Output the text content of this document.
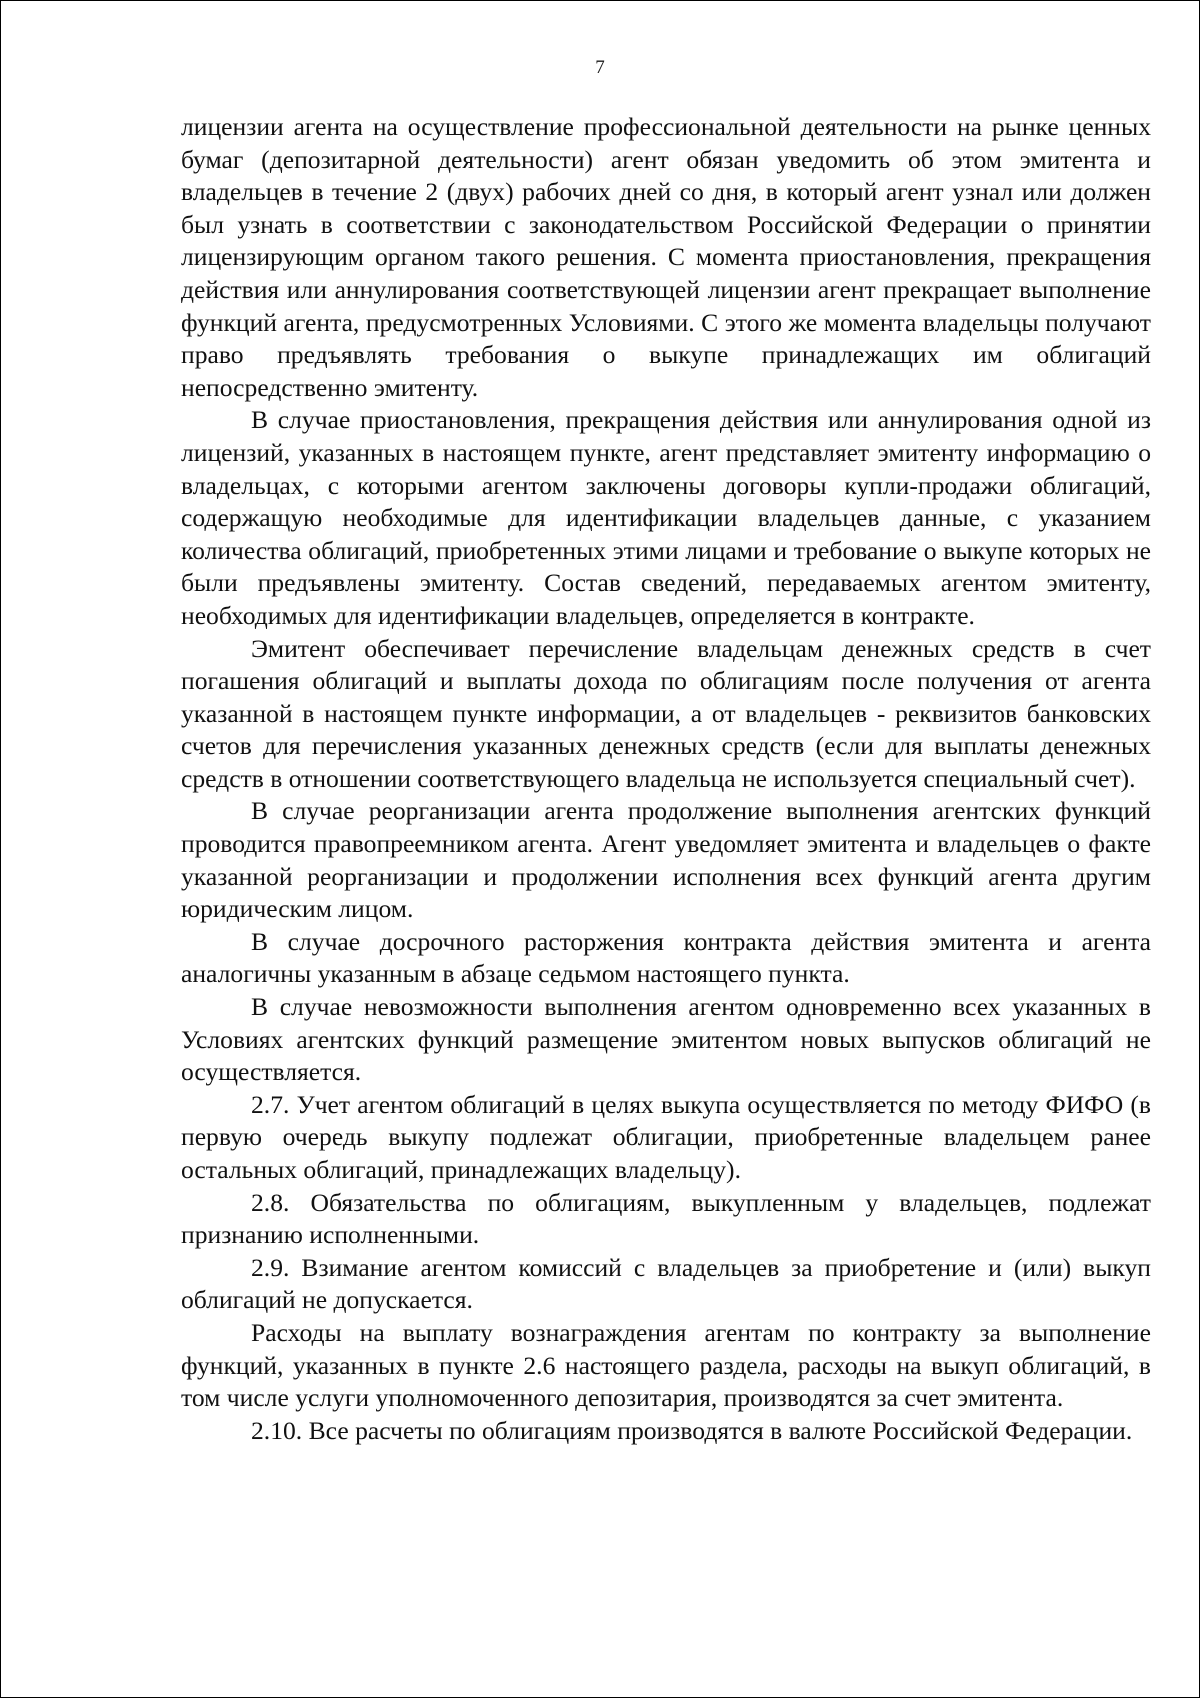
7

лицензии агента на осуществление профессиональной деятельности на рынке ценных бумаг (депозитарной деятельности) агент обязан уведомить об этом эмитента и владельцев в течение 2 (двух) рабочих дней со дня, в который агент узнал или должен был узнать в соответствии с законодательством Российской Федерации о принятии лицензирующим органом такого решения. С момента приостановления, прекращения действия или аннулирования соответствующей лицензии агент прекращает выполнение функций агента, предусмотренных Условиями. С этого же момента владельцы получают право предъявлять требования о выкупе принадлежащих им облигаций непосредственно эмитенту.

В случае приостановления, прекращения действия или аннулирования одной из лицензий, указанных в настоящем пункте, агент представляет эмитенту информацию о владельцах, с которыми агентом заключены договоры купли-продажи облигаций, содержащую необходимые для идентификации владельцев данные, с указанием количества облигаций, приобретенных этими лицами и требование о выкупе которых не были предъявлены эмитенту. Состав сведений, передаваемых агентом эмитенту, необходимых для идентификации владельцев, определяется в контракте.

Эмитент обеспечивает перечисление владельцам денежных средств в счет погашения облигаций и выплаты дохода по облигациям после получения от агента указанной в настоящем пункте информации, а от владельцев - реквизитов банковских счетов для перечисления указанных денежных средств (если для выплаты денежных средств в отношении соответствующего владельца не используется специальный счет).

В случае реорганизации агента продолжение выполнения агентских функций проводится правопреемником агента. Агент уведомляет эмитента и владельцев о факте указанной реорганизации и продолжении исполнения всех функций агента другим юридическим лицом.

В случае досрочного расторжения контракта действия эмитента и агента аналогичны указанным в абзаце седьмом настоящего пункта.

В случае невозможности выполнения агентом одновременно всех указанных в Условиях агентских функций размещение эмитентом новых выпусков облигаций не осуществляется.

2.7. Учет агентом облигаций в целях выкупа осуществляется по методу ФИФО (в первую очередь выкупу подлежат облигации, приобретенные владельцем ранее остальных облигаций, принадлежащих владельцу).

2.8. Обязательства по облигациям, выкупленным у владельцев, подлежат признанию исполненными.

2.9. Взимание агентом комиссий с владельцев за приобретение и (или) выкуп облигаций не допускается.

Расходы на выплату вознаграждения агентам по контракту за выполнение функций, указанных в пункте 2.6 настоящего раздела, расходы на выкуп облигаций, в том числе услуги уполномоченного депозитария, производятся за счет эмитента.

2.10. Все расчеты по облигациям производятся в валюте Российской Федерации.
